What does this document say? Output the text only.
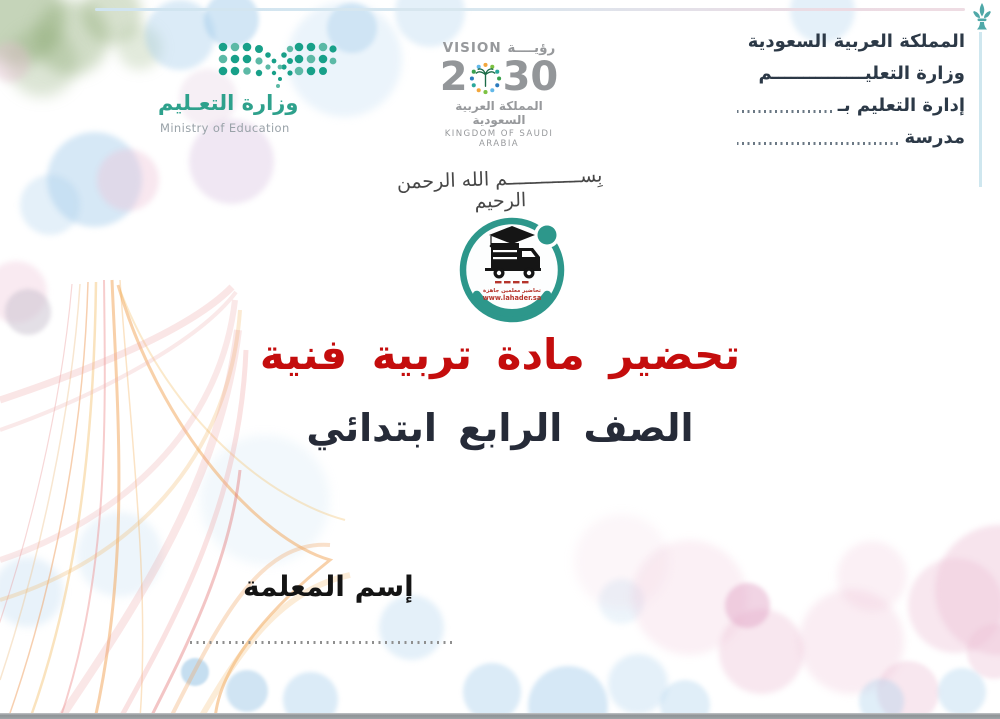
المملكة العربية السعودية
وزارة التعليـــــــــــــــم
إدارة التعليم بـ
مدرسة
وزارة التعـليم
Ministry of Education
VISION رؤيــــة
2 30
المملكة العربية السعودية
KINGDOM OF SAUDI ARABIA
بِســـــــــــــم الله الرحمن الرحيم
تحاضير معلمين جاهزة
www.lahader.sa
تحضير مادة تربية فنية
الصف الرابع ابتدائي
إسم المعلمة
